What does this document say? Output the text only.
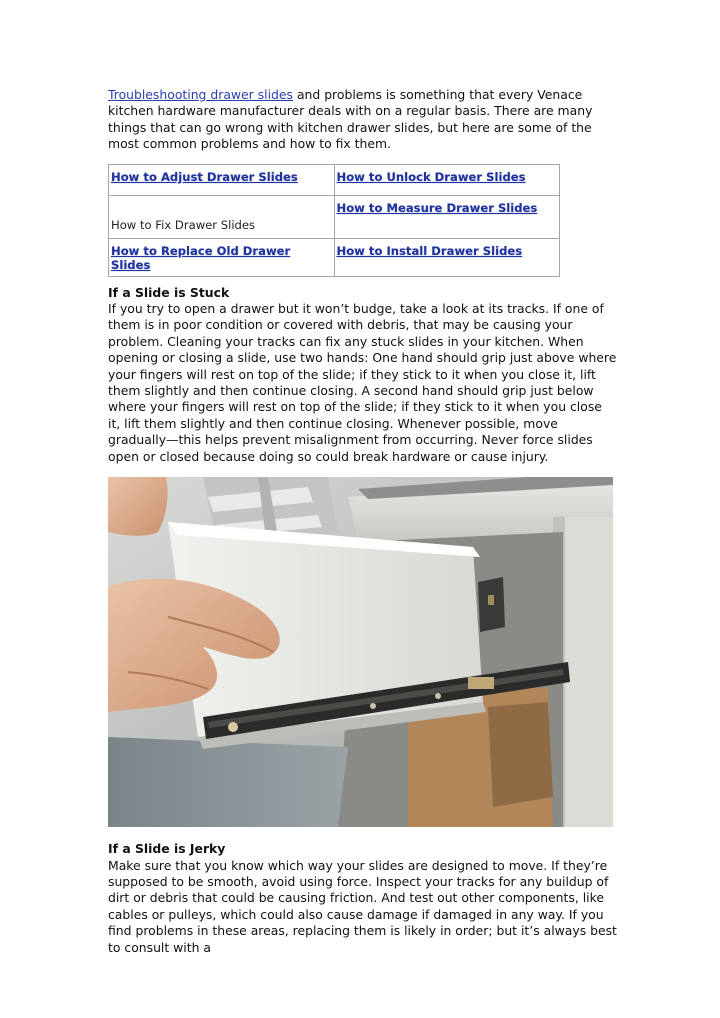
Troubleshooting drawer slides and problems is something that every Venace kitchen hardware manufacturer deals with on a regular basis. There are many things that can go wrong with kitchen drawer slides, but here are some of the most common problems and how to fix them.

How to Adjust Drawer Slides	How to Unlock Drawer Slides

How to Fix Drawer Slides	How to Measure Drawer Slides
How to Replace Old Drawer Slides	How to Install Drawer Slides
If a Slide is Stuck

If you try to open a drawer but it won’t budge, take a look at its tracks. If one of them is in poor condition or covered with debris, that may be causing your problem. Cleaning your tracks can fix any stuck slides in your kitchen. When opening or closing a slide, use two hands: One hand should grip just above where your fingers will rest on top of the slide; if they stick to it when you close it, lift them slightly and then continue closing. A second hand should grip just below where your fingers will rest on top of the slide; if they stick to it when you close it, lift them slightly and then continue closing. Whenever possible, move gradually—this helps prevent misalignment from occurring. Never force slides open or closed because doing so could break hardware or cause injury.

If a Slide is Jerky

Make sure that you know which way your slides are designed to move. If they’re supposed to be smooth, avoid using force. Inspect your tracks for any buildup of dirt or debris that could be causing friction. And test out other components, like cables or pulleys, which could also cause damage if damaged in any way. If you find problems in these areas, replacing them is likely in order; but it’s always best to consult with a
